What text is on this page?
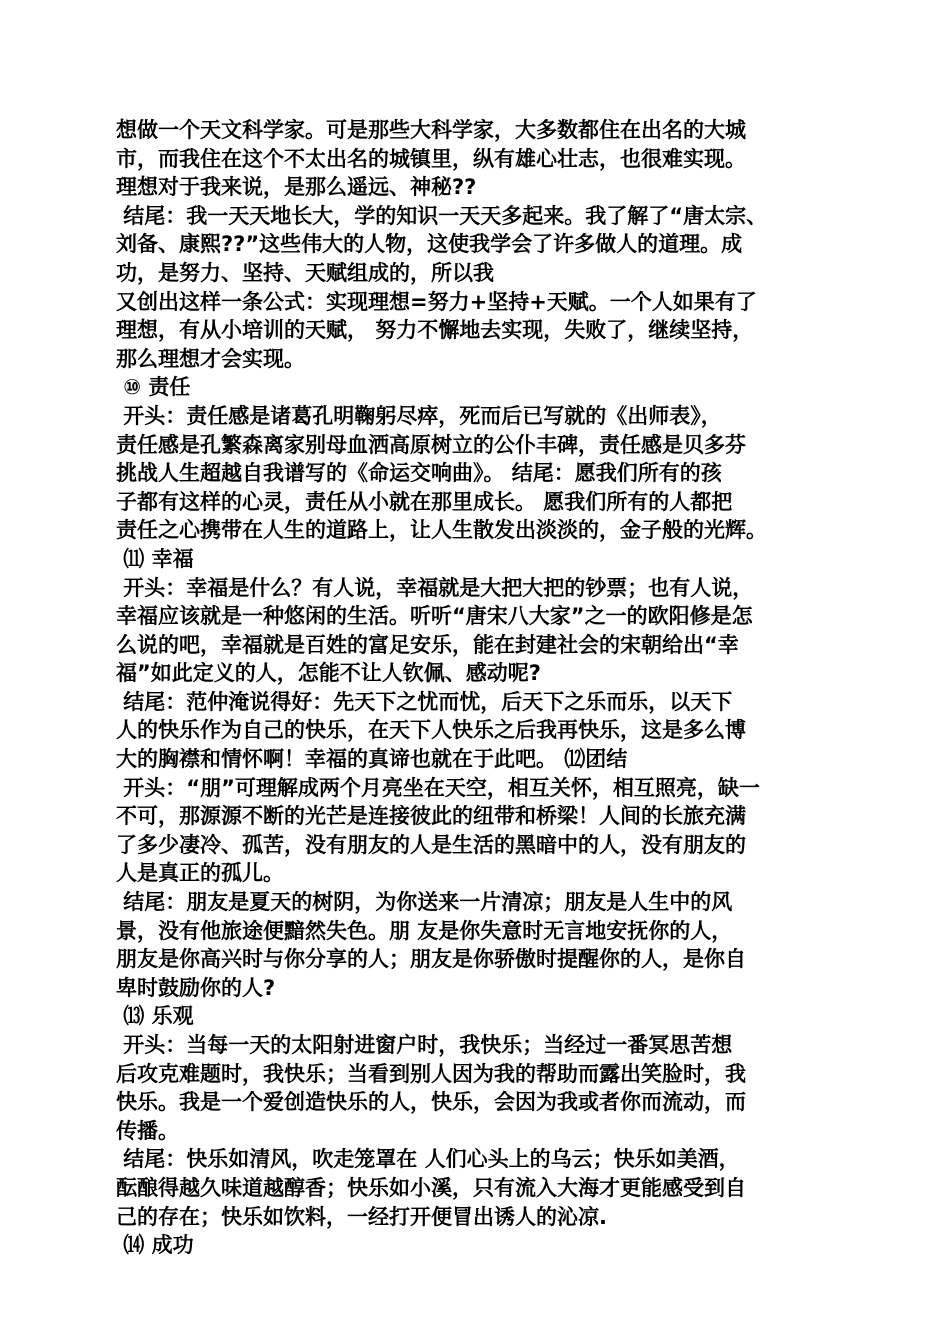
想做一个天文科学家。可是那些大科学家，大多数都住在出名的大城
市，而我住在这个不太出名的城镇里，纵有雄心壮志，也很难实现。
理想对于我来说，是那么遥远、神秘??
结尾：我一天天地长大，学的知识一天天多起来。我了解了“唐太宗、
刘备、康熙??”这些伟大的人物，这使我学会了许多做人的道理。成
功，是努力、坚持、天赋组成的，所以我
又创出这样一条公式：实现理想=努力+坚持+天赋。一个人如果有了
理想，有从小培训的天赋， 努力不懈地去实现，失败了，继续坚持，
那么理想才会实现。
⑩ 责任
开头：责任感是诸葛孔明鞠躬尽瘁，死而后已写就的《出师表》，
责任感是孔繁森离家别母血洒高原树立的公仆丰碑，责任感是贝多芬
挑战人生超越自我谱写的《命运交响曲》。 结尾：愿我们所有的孩
子都有这样的心灵，责任从小就在那里成长。 愿我们所有的人都把
责任之心携带在人生的道路上，让人生散发出淡淡的，金子般的光辉。
⑾ 幸福
开头：幸福是什么？有人说，幸福就是大把大把的钞票；也有人说，
幸福应该就是一种悠闲的生活。听听“唐宋八大家”之一的欧阳修是怎
么说的吧，幸福就是百姓的富足安乐，能在封建社会的宋朝给出“幸
福”如此定义的人，怎能不让人钦佩、感动呢?
结尾：范仲淹说得好：先天下之忧而忧，后天下之乐而乐，以天下
人的快乐作为自己的快乐，在天下人快乐之后我再快乐，这是多么博
大的胸襟和情怀啊！幸福的真谛也就在于此吧。 ⑿团结
开头：“朋”可理解成两个月亮坐在天空，相互关怀，相互照亮，缺一
不可，那源源不断的光芒是连接彼此的纽带和桥梁！人间的长旅充满
了多少凄冷、孤苦，没有朋友的人是生活的黑暗中的人，没有朋友的
人是真正的孤儿。
结尾：朋友是夏天的树阴，为你送来一片清凉；朋友是人生中的风
景，没有他旅途便黯然失色。朋 友是你失意时无言地安抚你的人，
朋友是你高兴时与你分享的人；朋友是你骄傲时提醒你的人，是你自
卑时鼓励你的人?
⒀ 乐观
开头：当每一天的太阳射进窗户时，我快乐；当经过一番冥思苦想
后攻克难题时，我快乐；当看到别人因为我的帮助而露出笑脸时，我
快乐。我是一个爱创造快乐的人，快乐，会因为我或者你而流动，而
传播。
结尾：快乐如清风，吹走笼罩在 人们心头上的乌云；快乐如美酒，
酝酿得越久味道越醇香；快乐如小溪，只有流入大海才更能感受到自
己的存在；快乐如饮料，一经打开便冒出诱人的沁凉.
⒁ 成功
